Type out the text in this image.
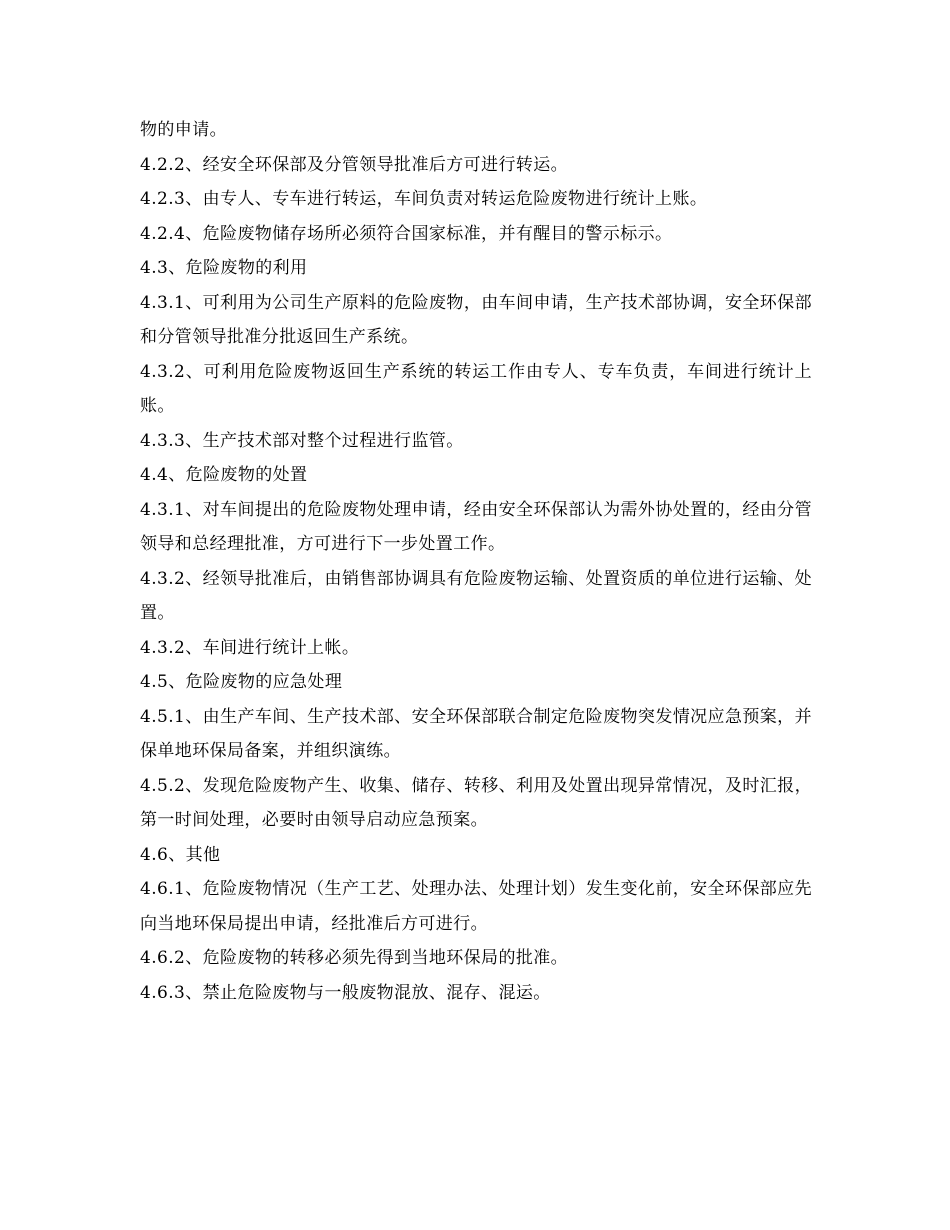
物的申请。

4.2.2、经安全环保部及分管领导批准后方可进行转运。

4.2.3、由专人、专车进行转运，车间负责对转运危险废物进行统计上账。

4.2.4、危险废物储存场所必须符合国家标准，并有醒目的警示标示。

4.3、危险废物的利用

4.3.1、可利用为公司生产原料的危险废物，由车间申请，生产技术部协调，安全环保部和分管领导批准分批返回生产系统。

4.3.2、可利用危险废物返回生产系统的转运工作由专人、专车负责，车间进行统计上账。

4.3.3、生产技术部对整个过程进行监管。

4.4、危险废物的处置

4.3.1、对车间提出的危险废物处理申请，经由安全环保部认为需外协处置的，经由分管领导和总经理批准，方可进行下一步处置工作。

4.3.2、经领导批准后，由销售部协调具有危险废物运输、处置资质的单位进行运输、处置。

4.3.2、车间进行统计上帐。

4.5、危险废物的应急处理

4.5.1、由生产车间、生产技术部、安全环保部联合制定危险废物突发情况应急预案，并保单地环保局备案，并组织演练。

4.5.2、发现危险废物产生、收集、储存、转移、利用及处置出现异常情况，及时汇报，第一时间处理，必要时由领导启动应急预案。

4.6、其他

4.6.1、危险废物情况（生产工艺、处理办法、处理计划）发生变化前，安全环保部应先向当地环保局提出申请，经批准后方可进行。

4.6.2、危险废物的转移必须先得到当地环保局的批准。

4.6.3、禁止危险废物与一般废物混放、混存、混运。
